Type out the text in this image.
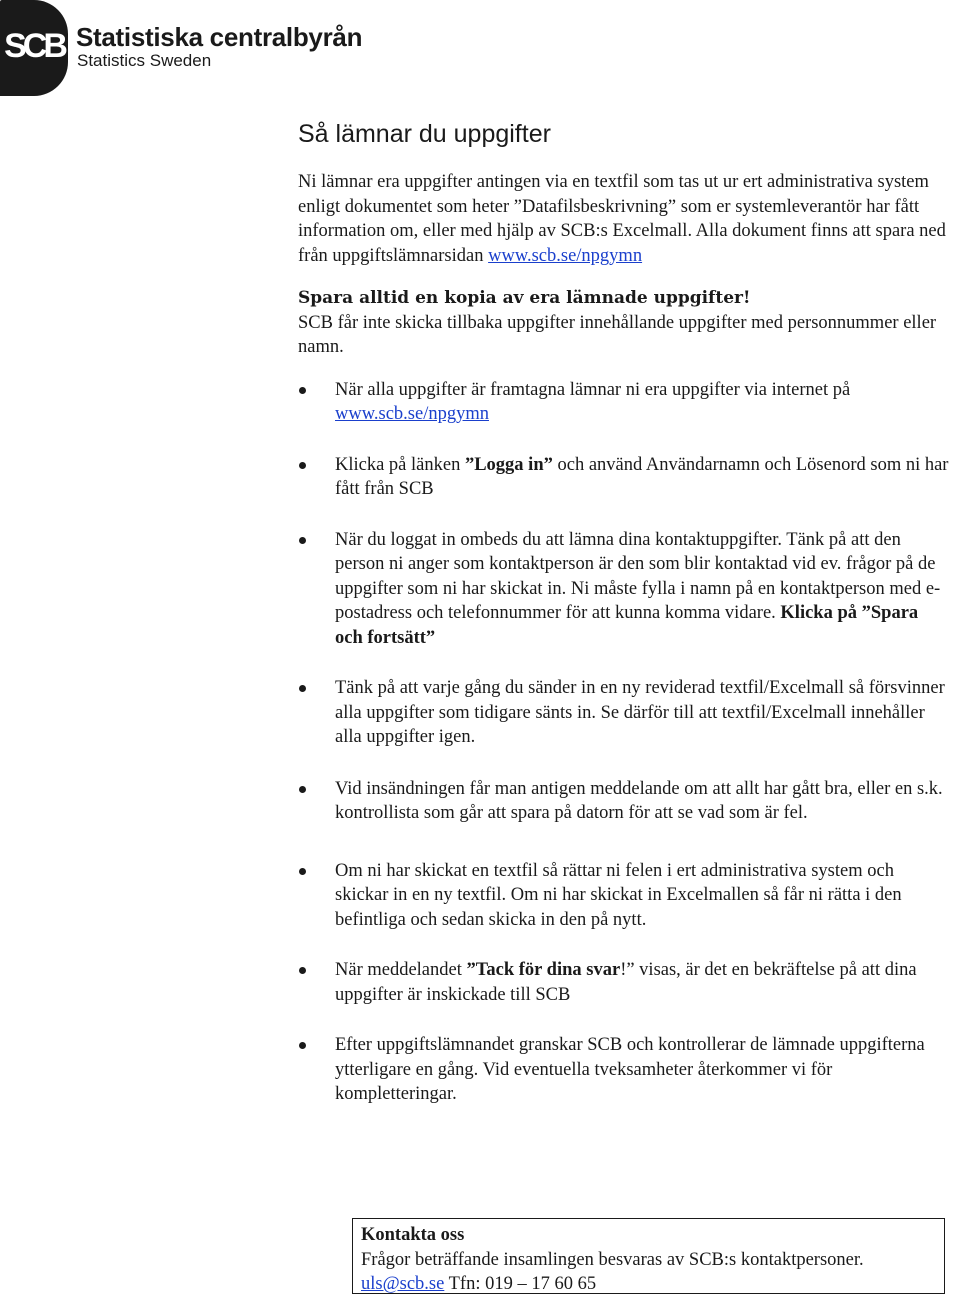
SCB Statistiska centralbyrån
Statistics Sweden
Så lämnar du uppgifter

Ni lämnar era uppgifter antingen via en textfil som tas ut ur ert administrativa system enligt dokumentet som heter ”Datafilsbeskrivning” som er systemleverantör har fått information om, eller med hjälp av SCB:s Excelmall. Alla dokument finns att spara ned från uppgiftslämnarsidan www.scb.se/npgymn

Spara alltid en kopia av era lämnade uppgifter!

SCB får inte skicka tillbaka uppgifter innehållande uppgifter med personnummer eller namn.

När alla uppgifter är framtagna lämnar ni era uppgifter via internet på www.scb.se/npgymn
Klicka på länken ”Logga in” och använd Användarnamn och Lösenord som ni har fått från SCB
När du loggat in ombeds du att lämna dina kontaktuppgifter. Tänk på att den person ni anger som kontaktperson är den som blir kontaktad vid ev. frågor på de uppgifter som ni har skickat in. Ni måste fylla i namn på en kontaktperson med e-postadress och telefonnummer för att kunna komma vidare. Klicka på ”Spara och fortsätt”
Tänk på att varje gång du sänder in en ny reviderad textfil/Excelmall så försvinner alla uppgifter som tidigare sänts in. Se därför till att textfil/Excelmall innehåller alla uppgifter igen.
Vid insändningen får man antigen meddelande om att allt har gått bra, eller en s.k. kontrollista som går att spara på datorn för att se vad som är fel.
Om ni har skickat en textfil så rättar ni felen i ert administrativa system och skickar in en ny textfil. Om ni har skickat in Excelmallen så får ni rätta i den befintliga och sedan skicka in den på nytt.
När meddelandet ”Tack för dina svar!” visas, är det en bekräftelse på att dina uppgifter är inskickade till SCB
Efter uppgiftslämnandet granskar SCB och kontrollerar de lämnade uppgifterna ytterligare en gång. Vid eventuella tveksamheter återkommer vi för kompletteringar.

Kontakta oss

Frågor beträffande insamlingen besvaras av SCB:s kontaktpersoner.

uls@scb.se Tfn: 019 – 17 60 65
